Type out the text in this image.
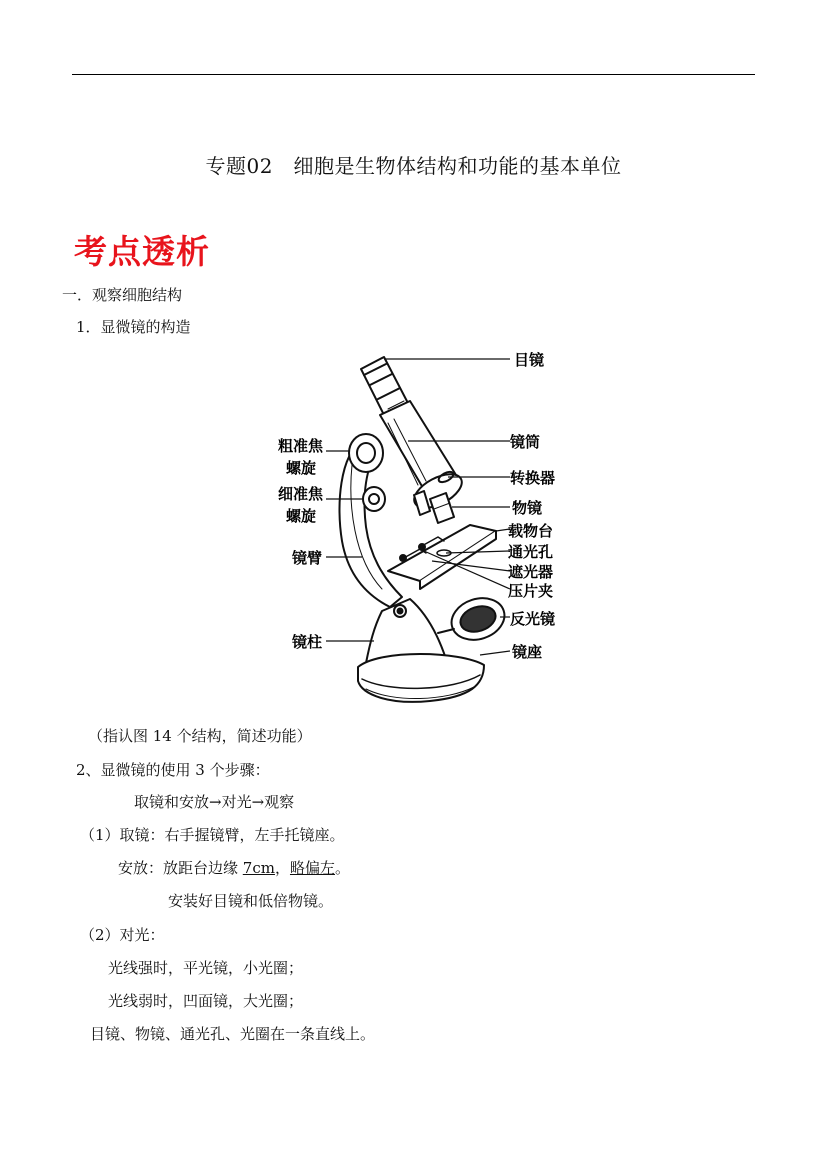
专题02　细胞是生物体结构和功能的基本单位
考点透析
一．观察细胞结构
1．显微镜的构造
目镜
镜筒
转换器
物镜
载物台
通光孔
遮光器
压片夹
反光镜
镜座
粗准焦
螺旋
细准焦
螺旋
镜臂
镜柱
（指认图 14 个结构，简述功能）
2、显微镜的使用 3 个步骤：
取镜和安放→对光→观察
（1）取镜：右手握镜臂，左手托镜座。
安放：放距台边缘 7cm，略偏左。
安装好目镜和低倍物镜。
（2）对光：
光线强时，平光镜，小光圈；
光线弱时，凹面镜，大光圈；
目镜、物镜、通光孔、光圈在一条直线上。
